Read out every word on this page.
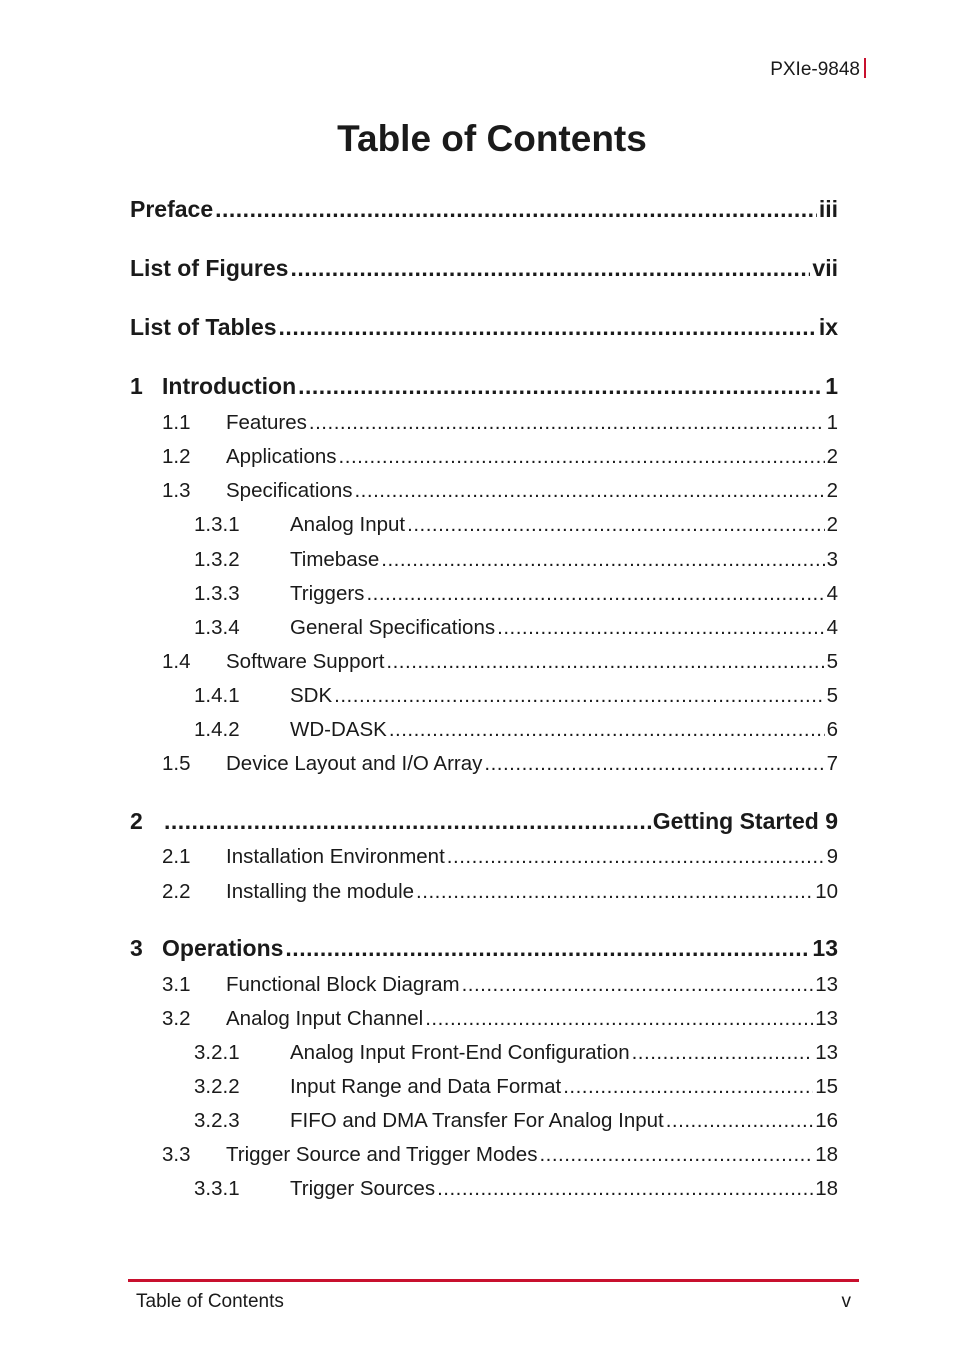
PXIe-9848
Table of Contents
Preface .....	iii
List of Figures .....	vii
List of Tables .....	ix
1 Introduction .....	1
1.1	Features .....	1
1.2	Applications .....	2
1.3	Specifications .....	2
1.3.1	Analog Input .....	2
1.3.2	Timebase .....	3
1.3.3	Triggers .....	4
1.3.4	General Specifications .....	4
1.4	Software Support .....	5
1.4.1	SDK .....	5
1.4.2	WD-DASK .....	6
1.5	Device Layout and I/O Array .....	7
2 .....	Getting Started 9
2.1	Installation Environment .....	9
2.2	Installing the module .....	10
3 Operations .....	13
3.1	Functional Block Diagram .....	13
3.2	Analog Input Channel .....	13
3.2.1	Analog Input Front-End Configuration .....	13
3.2.2	Input Range and Data Format .....	15
3.2.3	FIFO and DMA Transfer For Analog Input .....	16
3.3	Trigger Source and Trigger Modes .....	18
3.3.1	Trigger Sources .....	18
Table of Contents	v
